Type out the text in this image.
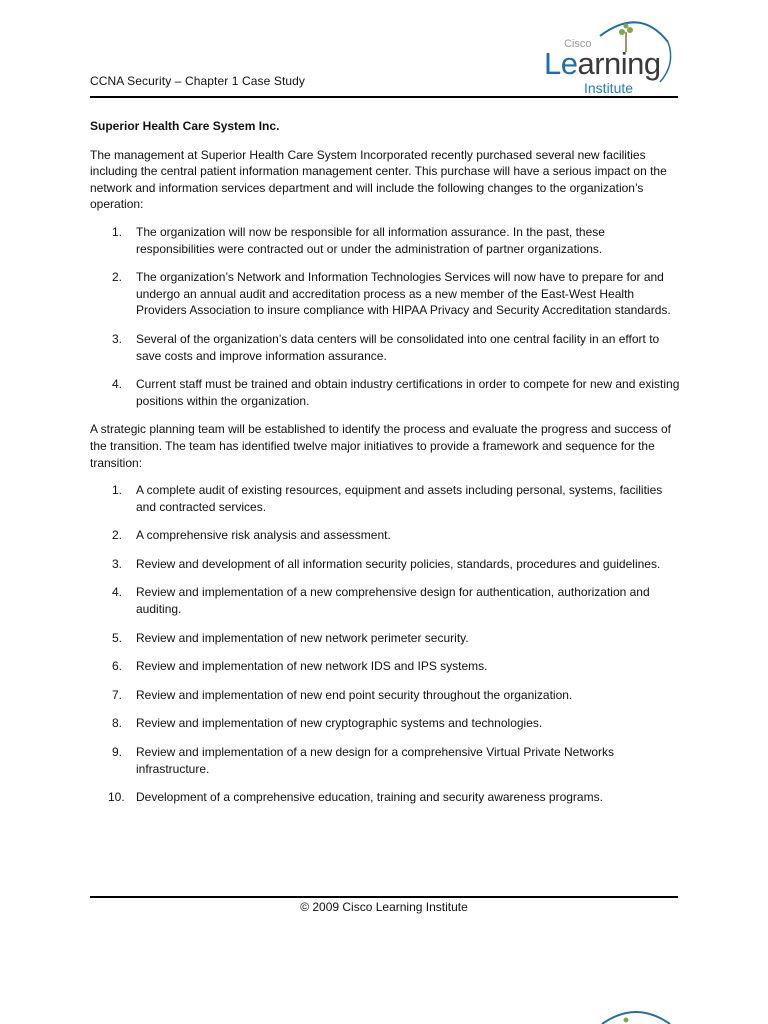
CCNA Security – Chapter 1 Case Study
Cisco
Learning
Institute

Superior Health Care System Inc.

The management at Superior Health Care System Incorporated recently purchased several new facilities including the central patient information management center. This purchase will have a serious impact on the network and information services department and will include the following changes to the organization’s operation:

1. The organization will now be responsible for all information assurance. In the past, these responsibilities were contracted out or under the administration of partner organizations.
2. The organization’s Network and Information Technologies Services will now have to prepare for and undergo an annual audit and accreditation process as a new member of the East-West Health Providers Association to insure compliance with HIPAA Privacy and Security Accreditation standards.
3. Several of the organization’s data centers will be consolidated into one central facility in an effort to save costs and improve information assurance.
4. Current staff must be trained and obtain industry certifications in order to compete for new and existing positions within the organization.

A strategic planning team will be established to identify the process and evaluate the progress and success of the transition. The team has identified twelve major initiatives to provide a framework and sequence for the transition:

1. A complete audit of existing resources, equipment and assets including personal, systems, facilities and contracted services.
2. A comprehensive risk analysis and assessment.
3. Review and development of all information security policies, standards, procedures and guidelines.
4. Review and implementation of a new comprehensive design for authentication, authorization and auditing.
5. Review and implementation of new network perimeter security.
6. Review and implementation of new network IDS and IPS systems.
7. Review and implementation of new end point security throughout the organization.
8. Review and implementation of new cryptographic systems and technologies.
9. Review and implementation of a new design for a comprehensive Virtual Private Networks infrastructure.
10. Development of a comprehensive education, training and security awareness programs.
© 2009 Cisco Learning Institute
